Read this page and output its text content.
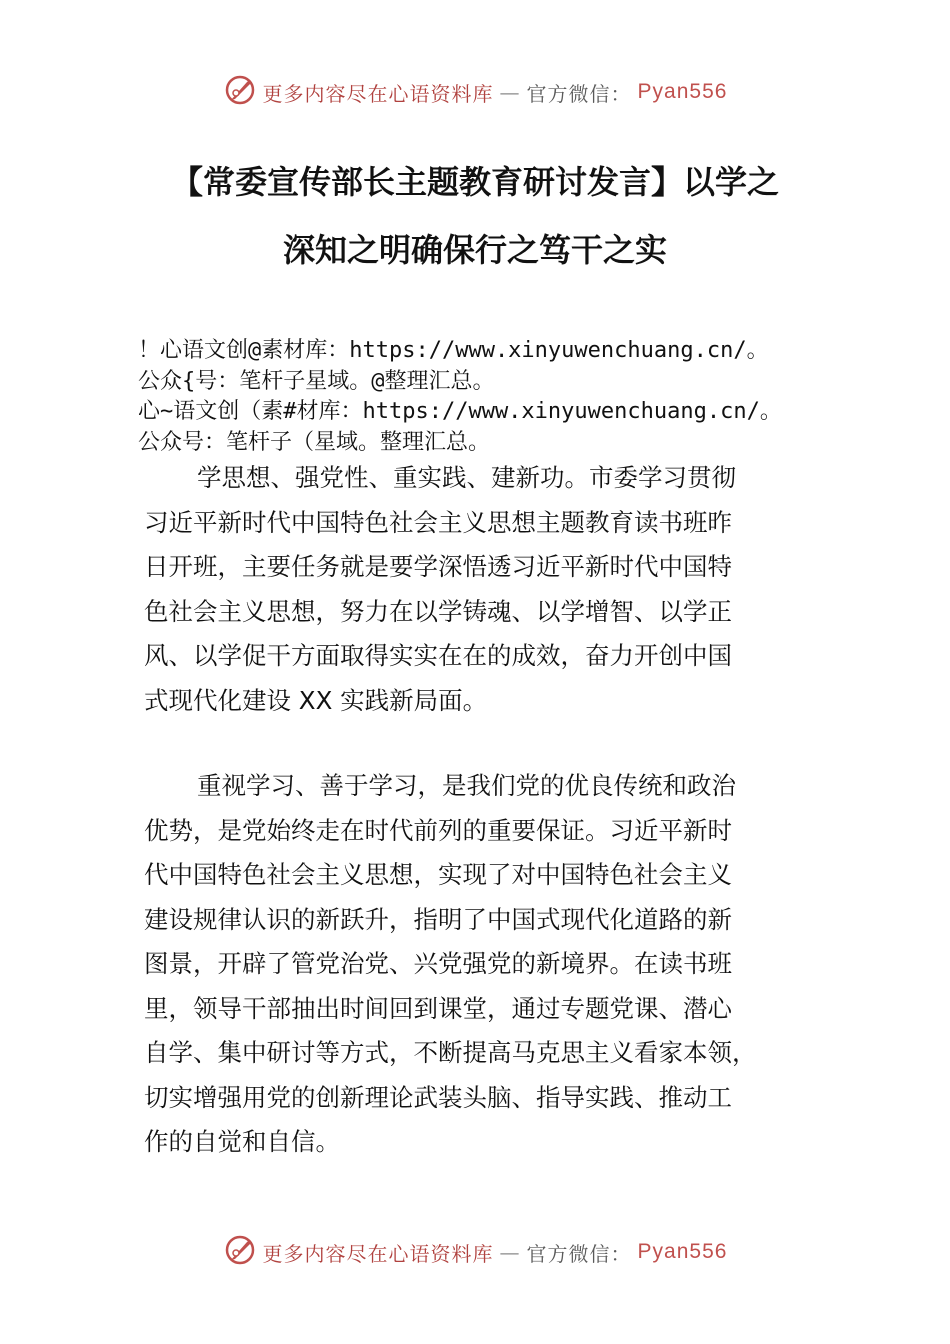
更多内容尽在心语资料库 — 官方微信： Pyan556
【常委宣传部长主题教育研讨发言】以学之
深知之明确保行之笃干之实
！心语文创@素材库：https://www.xinyuwenchuang.cn/。
公众{号：笔杆子星域。@整理汇总。
心~语文创（素#材库：https://www.xinyuwenchuang.cn/。
公众号：笔杆子（星域。整理汇总。
学思想、强党性、重实践、建新功。市委学习贯彻
习近平新时代中国特色社会主义思想主题教育读书班昨
日开班，主要任务就是要学深悟透习近平新时代中国特
色社会主义思想，努力在以学铸魂、以学增智、以学正
风、以学促干方面取得实实在在的成效，奋力开创中国
式现代化建设 XX 实践新局面。
重视学习、善于学习，是我们党的优良传统和政治
优势，是党始终走在时代前列的重要保证。习近平新时
代中国特色社会主义思想，实现了对中国特色社会主义
建设规律认识的新跃升，指明了中国式现代化道路的新
图景，开辟了管党治党、兴党强党的新境界。在读书班
里，领导干部抽出时间回到课堂，通过专题党课、潜心
自学、集中研讨等方式，不断提高马克思主义看家本领，
切实增强用党的创新理论武装头脑、指导实践、推动工
作的自觉和自信。
更多内容尽在心语资料库 — 官方微信： Pyan556
